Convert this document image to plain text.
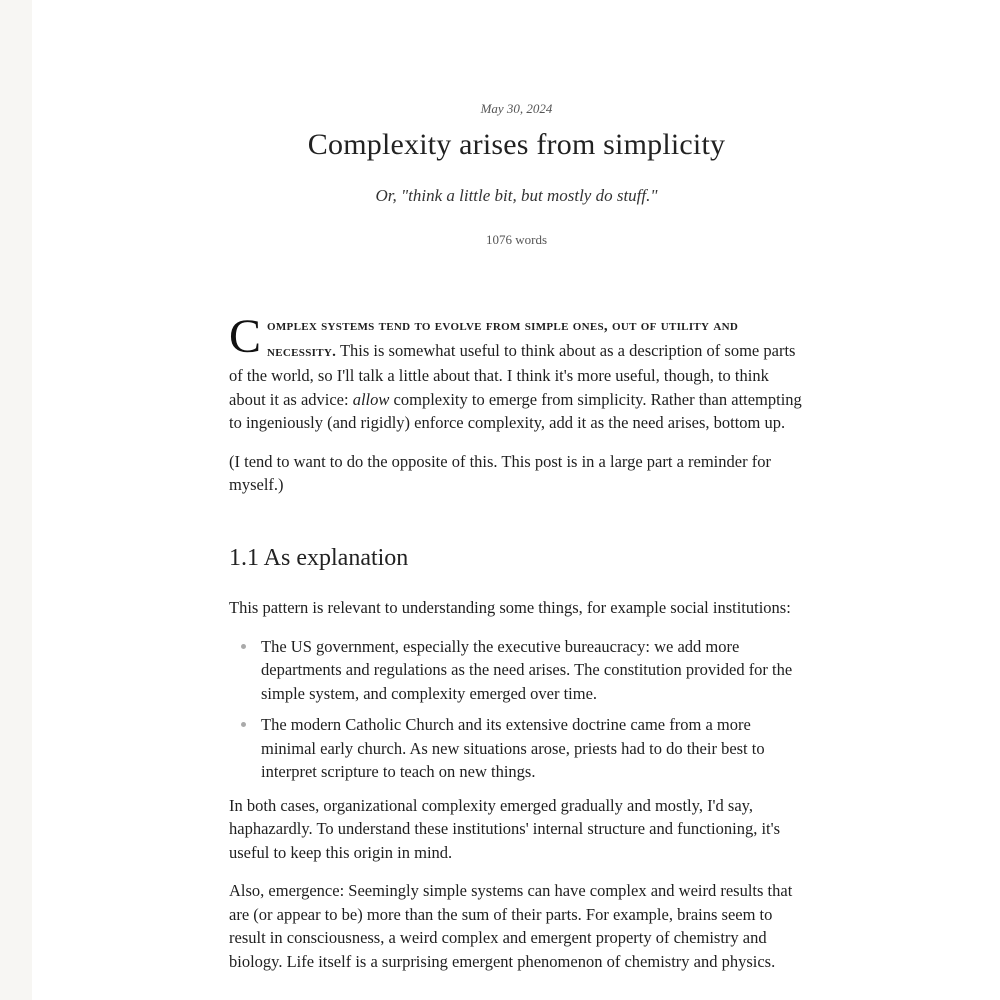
May 30, 2024
Complexity arises from simplicity
Or, "think a little bit, but mostly do stuff."
1076 words

Complex systems tend to evolve from simple ones, out of utility and necessity. This is somewhat useful to think about as a description of some parts of the world, so I'll talk a little about that. I think it's more useful, though, to think about it as advice: allow complexity to emerge from simplicity. Rather than attempting to ingeniously (and rigidly) enforce complexity, add it as the need arises, bottom up.

(I tend to want to do the opposite of this. This post is in a large part a reminder for myself.)

1.1 As explanation

This pattern is relevant to understanding some things, for example social institutions:

The US government, especially the executive bureaucracy: we add more departments and regulations as the need arises. The constitution provided for the simple system, and complexity emerged over time.
The modern Catholic Church and its extensive doctrine came from a more minimal early church. As new situations arose, priests had to do their best to interpret scripture to teach on new things.

In both cases, organizational complexity emerged gradually and mostly, I'd say, haphazardly. To understand these institutions' internal structure and functioning, it's useful to keep this origin in mind.

Also, emergence: Seemingly simple systems can have complex and weird results that are (or appear to be) more than the sum of their parts. For example, brains seem to result in consciousness, a weird complex and emergent property of chemistry and biology. Life itself is a surprising emergent phenomenon of chemistry and physics.
